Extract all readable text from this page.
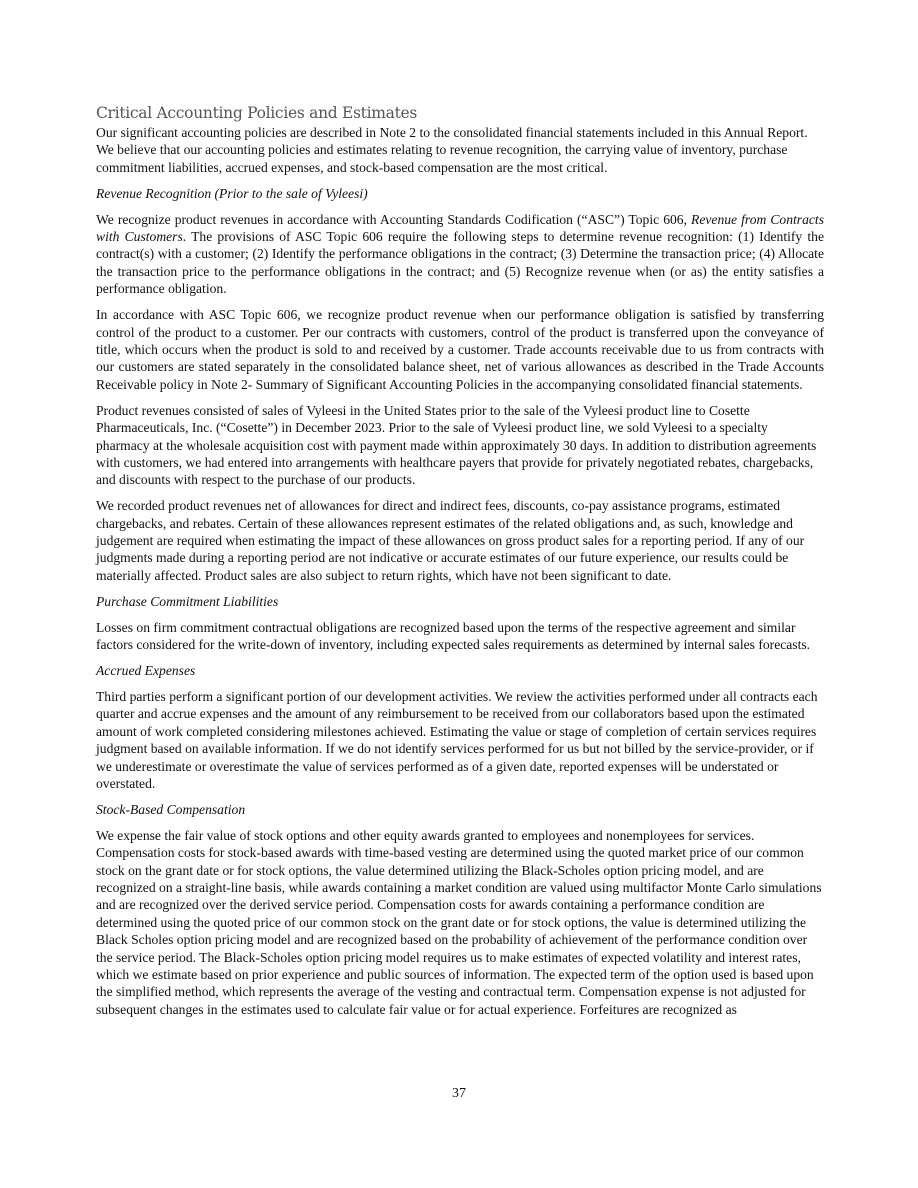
Critical Accounting Policies and Estimates

Our significant accounting policies are described in Note 2 to the consolidated financial statements included in this Annual Report. We believe that our accounting policies and estimates relating to revenue recognition, the carrying value of inventory, purchase commitment liabilities, accrued expenses, and stock-based compensation are the most critical.

Revenue Recognition (Prior to the sale of Vyleesi)

We recognize product revenues in accordance with Accounting Standards Codification (“ASC”) Topic 606, Revenue from Contracts with Customers. The provisions of ASC Topic 606 require the following steps to determine revenue recognition: (1) Identify the contract(s) with a customer; (2) Identify the performance obligations in the contract; (3) Determine the transaction price; (4) Allocate the transaction price to the performance obligations in the contract; and (5) Recognize revenue when (or as) the entity satisfies a performance obligation.

In accordance with ASC Topic 606, we recognize product revenue when our performance obligation is satisfied by transferring control of the product to a customer. Per our contracts with customers, control of the product is transferred upon the conveyance of title, which occurs when the product is sold to and received by a customer. Trade accounts receivable due to us from contracts with our customers are stated separately in the consolidated balance sheet, net of various allowances as described in the Trade Accounts Receivable policy in Note 2- Summary of Significant Accounting Policies in the accompanying consolidated financial statements.

Product revenues consisted of sales of Vyleesi in the United States prior to the sale of the Vyleesi product line to Cosette Pharmaceuticals, Inc. (“Cosette”) in December 2023. Prior to the sale of Vyleesi product line, we sold Vyleesi to a specialty pharmacy at the wholesale acquisition cost with payment made within approximately 30 days. In addition to distribution agreements with customers, we had entered into arrangements with healthcare payers that provide for privately negotiated rebates, chargebacks, and discounts with respect to the purchase of our products.

We recorded product revenues net of allowances for direct and indirect fees, discounts, co-pay assistance programs, estimated chargebacks, and rebates. Certain of these allowances represent estimates of the related obligations and, as such, knowledge and judgement are required when estimating the impact of these allowances on gross product sales for a reporting period. If any of our judgments made during a reporting period are not indicative or accurate estimates of our future experience, our results could be materially affected. Product sales are also subject to return rights, which have not been significant to date.

Purchase Commitment Liabilities

Losses on firm commitment contractual obligations are recognized based upon the terms of the respective agreement and similar factors considered for the write-down of inventory, including expected sales requirements as determined by internal sales forecasts.

Accrued Expenses

Third parties perform a significant portion of our development activities. We review the activities performed under all contracts each quarter and accrue expenses and the amount of any reimbursement to be received from our collaborators based upon the estimated amount of work completed considering milestones achieved. Estimating the value or stage of completion of certain services requires judgment based on available information. If we do not identify services performed for us but not billed by the service-provider, or if we underestimate or overestimate the value of services performed as of a given date, reported expenses will be understated or overstated.

Stock-Based Compensation

We expense the fair value of stock options and other equity awards granted to employees and nonemployees for services. Compensation costs for stock-based awards with time-based vesting are determined using the quoted market price of our common stock on the grant date or for stock options, the value determined utilizing the Black-Scholes option pricing model, and are recognized on a straight-line basis, while awards containing a market condition are valued using multifactor Monte Carlo simulations and are recognized over the derived service period. Compensation costs for awards containing a performance condition are determined using the quoted price of our common stock on the grant date or for stock options, the value is determined utilizing the Black Scholes option pricing model and are recognized based on the probability of achievement of the performance condition over the service period. The Black-Scholes option pricing model requires us to make estimates of expected volatility and interest rates, which we estimate based on prior experience and public sources of information. The expected term of the option used is based upon the simplified method, which represents the average of the vesting and contractual term. Compensation expense is not adjusted for subsequent changes in the estimates used to calculate fair value or for actual experience. Forfeitures are recognized as

37
